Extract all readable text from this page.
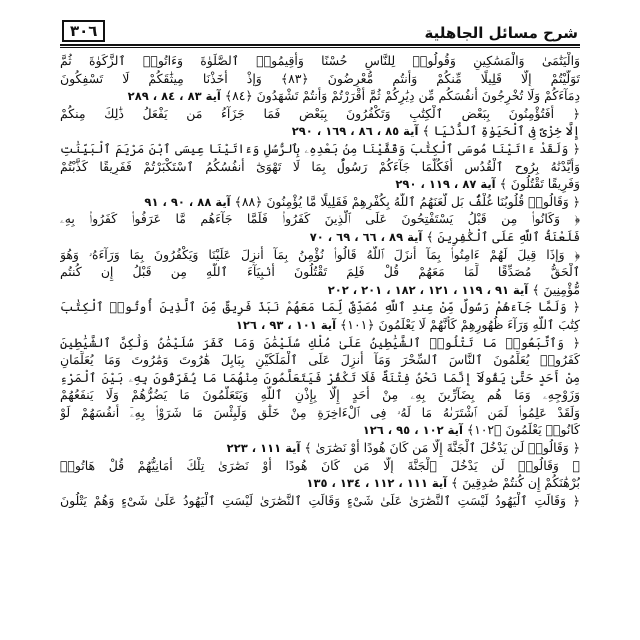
شرح مسائل الجاهلية
٣٠٦
وَالْيَتَٰمَىٰ وَالْمَسَٰكِينِ وَقُولُوا۟ لِلنَّاسِ حُسْنًا وَأَقِيمُوا۟ ٱلصَّلَوٰةَ وَءَاتُوا۟ ٱلزَّكَوٰةَ ثُمَّ
تَوَلَّيْتُمْ إِلَّا قَلِيلًا مِّنكُمْ وَأَنتُم مُّعْرِضُونَ ﴿٨٣﴾ وَإِذْ أَخَذْنَا مِيثَٰقَكُمْ لَا تَسْفِكُونَ
دِمَآءَكُمْ وَلَا تُخْرِجُونَ أَنفُسَكُم مِّن دِيَٰرِكُمْ ثُمَّ أَقْرَرْتُمْ وَأَنتُمْ تَشْهَدُونَ ﴿٨٤﴾ آية ٨٣ ، ٨٤ ، ٢٨٩
﴿ أَفَتُؤْمِنُونَ بِبَعْضِ ٱلْكِتَٰبِ وَتَكْفُرُونَ بِبَعْضٍ فَمَا جَزَآءُ مَن يَفْعَلُ ذَٰلِكَ مِنكُمْ
إِلَّا خِزْىٌ فِى ٱلْحَيَوٰةِ ٱلدُّنْيَا ﴾ آية ٨٥ ، ٨٦ ، ١٦٩ ، ٢٩٠
﴿ وَلَقَدْ ءَاتَيْنَا مُوسَى ٱلْكِتَٰبَ وَقَفَّيْنَا مِنۢ بَعْدِهِۦ بِٱلرُّسُلِ وَءَاتَيْنَا عِيسَى ٱبْنَ مَرْيَمَ ٱلْبَيِّنَٰتِ
وَأَيَّدْنَٰهُ بِرُوحِ ٱلْقُدُسِ أَفَكُلَّمَا جَآءَكُمْ رَسُولٌۢ بِمَا لَا تَهْوَىٰٓ أَنفُسُكُمُ ٱسْتَكْبَرْتُمْ فَفَرِيقًا كَذَّبْتُمْ
وَفَرِيقًا تَقْتُلُونَ ﴾ آية ٨٧ ، ١١٩ ، ٢٩٠
﴿ وَقَالُوا۟ قُلُوبُنَا غُلْفٌۢ بَل لَّعَنَهُمُ ٱللَّهُ بِكُفْرِهِمْ فَقَلِيلًا مَّا يُؤْمِنُونَ ﴿٨٨﴾ آية ٨٨ ، ٩٠ ، ٩١
﴿ وَكَانُوا۟ مِن قَبْلُ يَسْتَفْتِحُونَ عَلَى ٱلَّذِينَ كَفَرُوا۟ فَلَمَّا جَآءَهُم مَّا عَرَفُوا۟ كَفَرُوا۟ بِهِۦ
فَلَعْنَةُ ٱللَّهِ عَلَى ٱلْكَٰفِرِينَ ﴾ آية ٨٩ ، ٦٦ ، ٦٩ ، ٧٠
﴿ وَإِذَا قِيلَ لَهُمْ ءَامِنُوا۟ بِمَآ أَنزَلَ ٱللَّهُ قَالُوا۟ نُؤْمِنُ بِمَآ أُنزِلَ عَلَيْنَا وَيَكْفُرُونَ بِمَا وَرَآءَهُۥ وَهُوَ
ٱلْحَقُّ مُصَدِّقًا لِّمَا مَعَهُمْ قُلْ فَلِمَ تَقْتُلُونَ أَنۢبِيَآءَ ٱللَّهِ مِن قَبْلُ إِن كُنتُم
مُّؤْمِنِينَ ﴾ آية ٩١ ، ١١٩ ، ١٢١ ، ١٨٢ ، ٢٠١ ، ٢٠٢
﴿ وَلَمَّا جَآءَهُمْ رَسُولٌ مِّنْ عِندِ ٱللَّهِ مُصَدِّقٌ لِّمَا مَعَهُمْ نَبَذَ فَرِيقٌ مِّنَ ٱلَّذِينَ أُوتُوا۟ ٱلْكِتَٰبَ
كِتَٰبَ ٱللَّهِ وَرَآءَ ظُهُورِهِمْ كَأَنَّهُمْ لَا يَعْلَمُونَ ﴿١٠١﴾ آية ١٠١ ، ٩٣ ، ١٢٦
﴿ وَٱتَّبَعُوا۟ مَا تَتْلُوا۟ ٱلشَّيَٰطِينُ عَلَىٰ مُلْكِ سُلَيْمَٰنَ وَمَا كَفَرَ سُلَيْمَٰنُ وَلَٰكِنَّ ٱلشَّيَٰطِينَ
كَفَرُوا۟ يُعَلِّمُونَ ٱلنَّاسَ ٱلسِّحْرَ وَمَآ أُنزِلَ عَلَى ٱلْمَلَكَيْنِ بِبَابِلَ هَٰرُوتَ وَمَٰرُوتَ وَمَا يُعَلِّمَانِ
مِنْ أَحَدٍ حَتَّىٰ يَقُولَآ إِنَّمَا نَحْنُ فِتْنَةٌ فَلَا تَكْفُرْ فَيَتَعَلَّمُونَ مِنْهُمَا مَا يُفَرِّقُونَ بِهِۦ بَيْنَ ٱلْمَرْءِ
وَزَوْجِهِۦ وَمَا هُم بِضَآرِّينَ بِهِۦ مِنْ أَحَدٍ إِلَّا بِإِذْنِ ٱللَّهِ وَيَتَعَلَّمُونَ مَا يَضُرُّهُمْ وَلَا يَنفَعُهُمْ
وَلَقَدْ عَلِمُوا۟ لَمَنِ ٱشْتَرَىٰهُ مَا لَهُۥ فِى ٱلْءَاخِرَةِ مِنْ خَلَٰقٍ وَلَبِئْسَ مَا شَرَوْا۟ بِهِۦٓ أَنفُسَهُمْ لَوْ
كَانُوا۟ يَعْلَمُونَ ﴿١٠٢﴾ آية ١٠٢ ، ٩٥ ، ١٢٦
﴿ وَقَالُوا۟ لَن يَدْخُلَ ٱلْجَنَّةَ إِلَّا مَن كَانَ هُودًا أَوْ نَصَٰرَىٰ ﴾ آية ١١١ ، ٢٢٣
﴿ وَقَالُوا۟ لَن يَدْخُلَ ٱلْجَنَّةَ إِلَّا مَن كَانَ هُودًا أَوْ نَصَٰرَىٰ تِلْكَ أَمَانِيُّهُمْ قُلْ هَاتُوا۟
بُرْهَٰنَكُمْ إِن كُنتُمْ صَٰدِقِينَ ﴾ آية ١١١ ، ١١٢ ، ١٣٤ ، ١٣٥
﴿ وَقَالَتِ ٱلْيَهُودُ لَيْسَتِ ٱلنَّصَٰرَىٰ عَلَىٰ شَىْءٍ وَقَالَتِ ٱلنَّصَٰرَىٰ لَيْسَتِ ٱلْيَهُودُ عَلَىٰ شَىْءٍ وَهُمْ يَتْلُونَ
